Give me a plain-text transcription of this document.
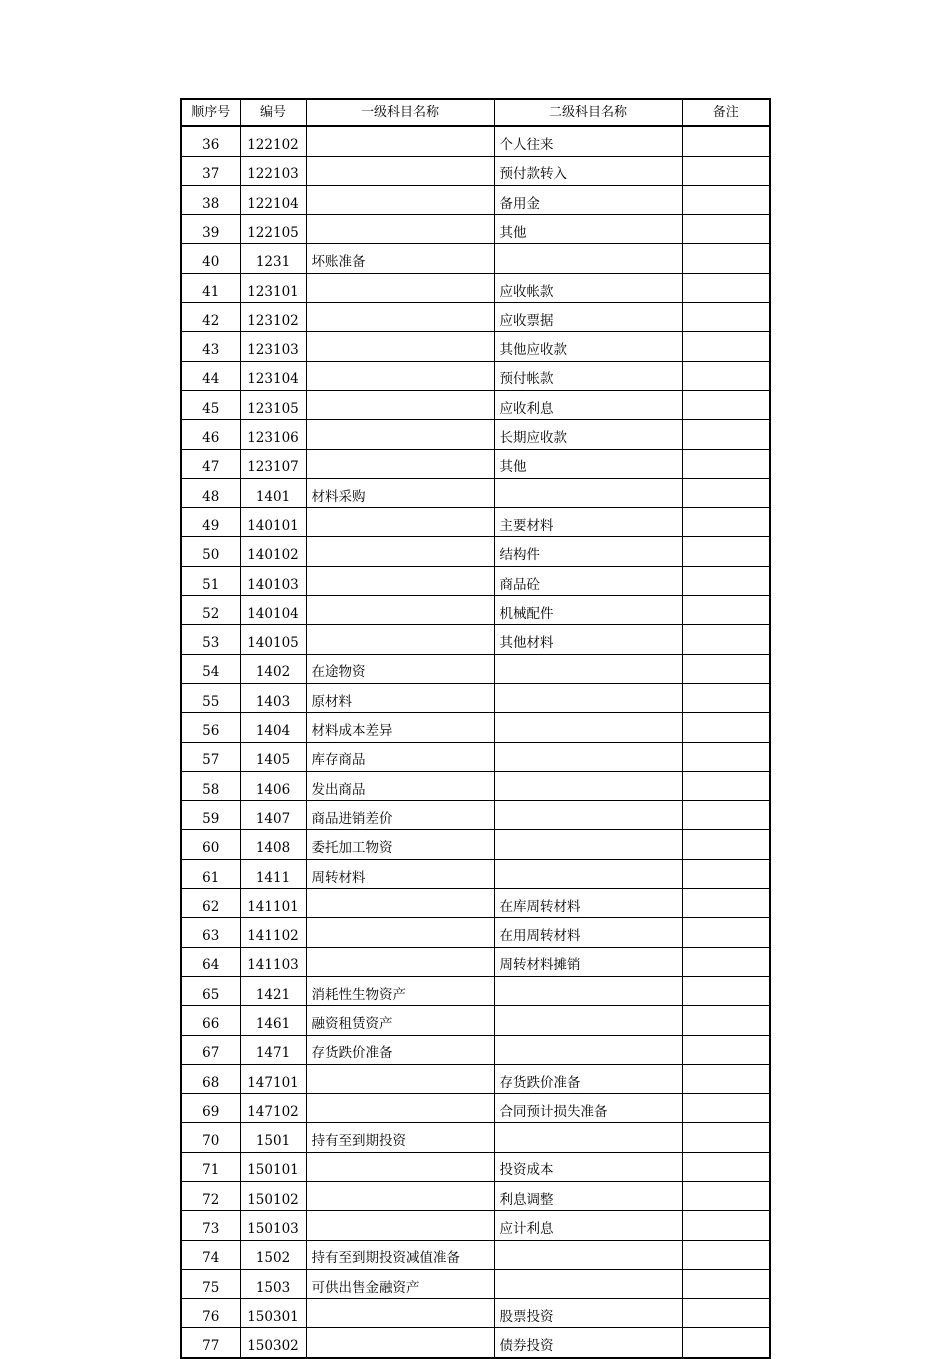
顺序号	编号	一级科目名称	二级科目名称	备注
36	122102		个人往来	
37	122103		预付款转入	
38	122104		备用金	
39	122105		其他	
40	1231	坏账准备		
41	123101		应收帐款	
42	123102		应收票据	
43	123103		其他应收款	
44	123104		预付帐款	
45	123105		应收利息	
46	123106		长期应收款	
47	123107		其他	
48	1401	材料采购		
49	140101		主要材料	
50	140102		结构件	
51	140103		商品砼	
52	140104		机械配件	
53	140105		其他材料	
54	1402	在途物资		
55	1403	原材料		
56	1404	材料成本差异		
57	1405	库存商品		
58	1406	发出商品		
59	1407	商品进销差价		
60	1408	委托加工物资		
61	1411	周转材料		
62	141101		在库周转材料	
63	141102		在用周转材料	
64	141103		周转材料摊销	
65	1421	消耗性生物资产		
66	1461	融资租赁资产		
67	1471	存货跌价准备		
68	147101		存货跌价准备	
69	147102		合同预计损失准备	
70	1501	持有至到期投资		
71	150101		投资成本	
72	150102		利息调整	
73	150103		应计利息	
74	1502	持有至到期投资减值准备		
75	1503	可供出售金融资产		
76	150301		股票投资	
77	150302		债券投资	
